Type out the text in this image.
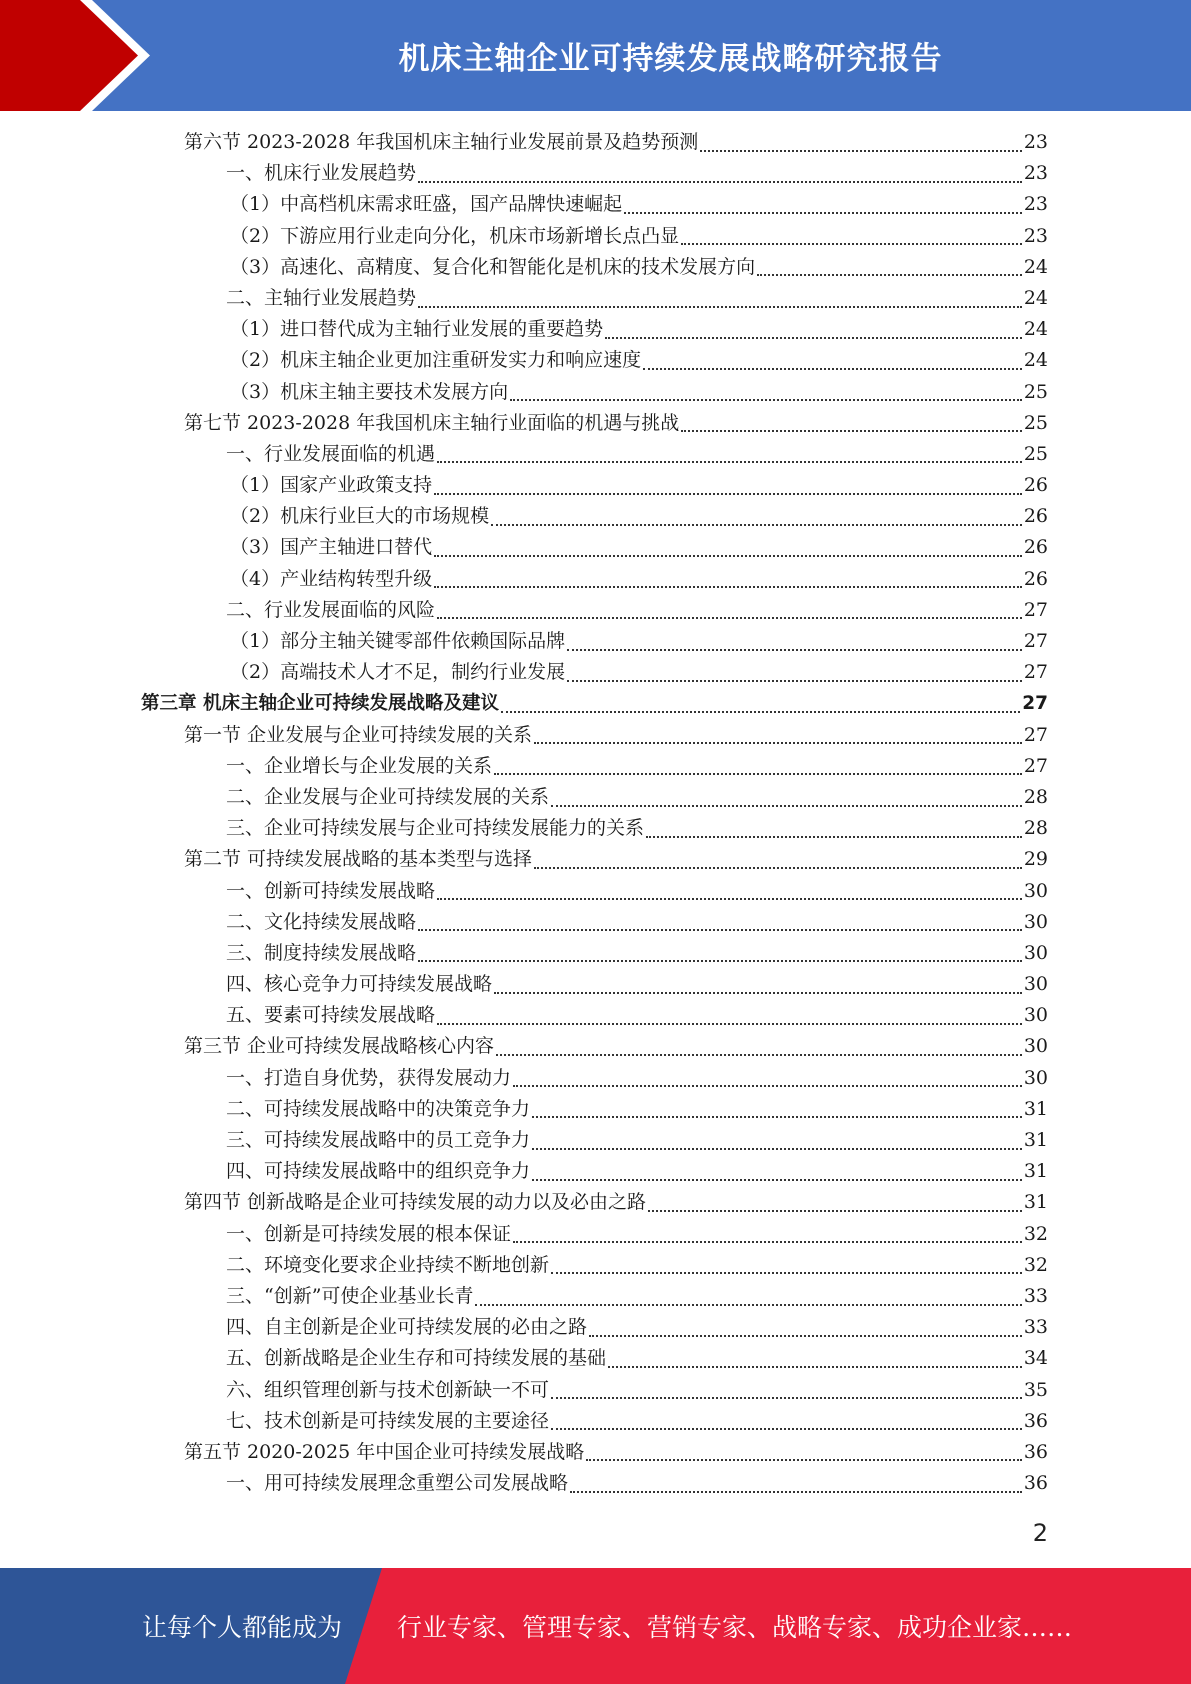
机床主轴企业可持续发展战略研究报告
第六节 2023-2028 年我国机床主轴行业发展前景及趋势预测	23
一、机床行业发展趋势	23
（1）中高档机床需求旺盛，国产品牌快速崛起	23
（2）下游应用行业走向分化，机床市场新增长点凸显	23
（3）高速化、高精度、复合化和智能化是机床的技术发展方向	24
二、主轴行业发展趋势	24
（1）进口替代成为主轴行业发展的重要趋势	24
（2）机床主轴企业更加注重研发实力和响应速度	24
（3）机床主轴主要技术发展方向	25
第七节 2023-2028 年我国机床主轴行业面临的机遇与挑战	25
一、行业发展面临的机遇	25
（1）国家产业政策支持	26
（2）机床行业巨大的市场规模	26
（3）国产主轴进口替代	26
（4）产业结构转型升级	26
二、行业发展面临的风险	27
（1）部分主轴关键零部件依赖国际品牌	27
（2）高端技术人才不足，制约行业发展	27
第三章 机床主轴企业可持续发展战略及建议	27
第一节 企业发展与企业可持续发展的关系	27
一、企业增长与企业发展的关系	27
二、企业发展与企业可持续发展的关系	28
三、企业可持续发展与企业可持续发展能力的关系	28
第二节 可持续发展战略的基本类型与选择	29
一、创新可持续发展战略	30
二、文化持续发展战略	30
三、制度持续发展战略	30
四、核心竞争力可持续发展战略	30
五、要素可持续发展战略	30
第三节 企业可持续发展战略核心内容	30
一、打造自身优势，获得发展动力	30
二、可持续发展战略中的决策竞争力	31
三、可持续发展战略中的员工竞争力	31
四、可持续发展战略中的组织竞争力	31
第四节 创新战略是企业可持续发展的动力以及必由之路	31
一、创新是可持续发展的根本保证	32
二、环境变化要求企业持续不断地创新	32
三、“创新”可使企业基业长青	33
四、自主创新是企业可持续发展的必由之路	33
五、创新战略是企业生存和可持续发展的基础	34
六、组织管理创新与技术创新缺一不可	35
七、技术创新是可持续发展的主要途径	36
第五节 2020-2025 年中国企业可持续发展战略	36
一、用可持续发展理念重塑公司发展战略	36
2
让每个人都能成为 行业专家、管理专家、营销专家、战略专家、成功企业家……
